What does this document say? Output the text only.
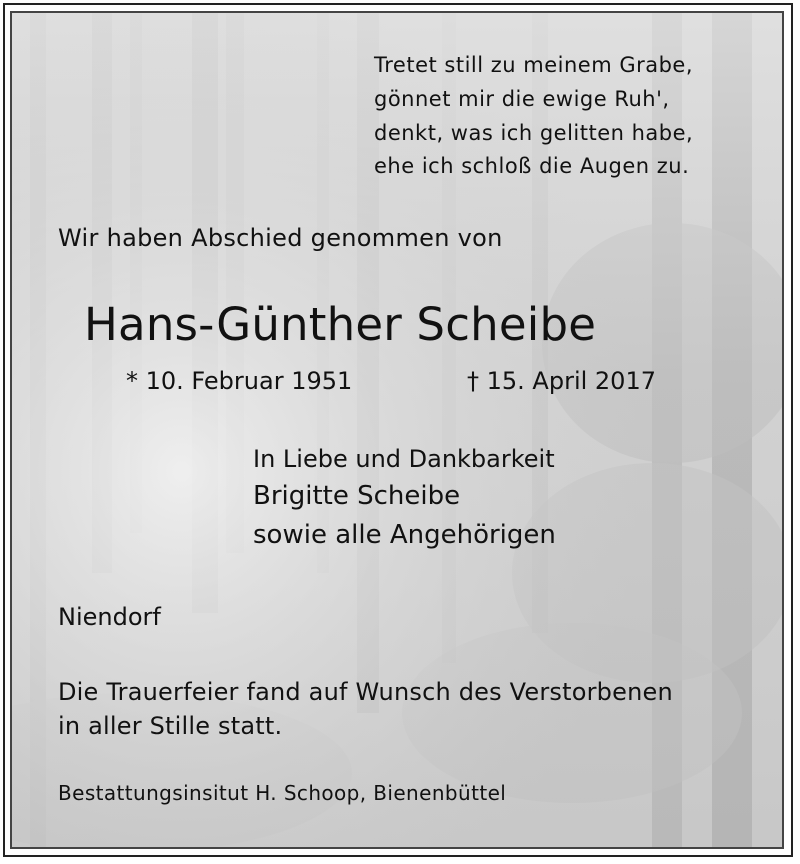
Tretet still zu meinem Grabe,
gönnet mir die ewige Ruh',
denkt, was ich gelitten habe,
ehe ich schloß die Augen zu.
Wir haben Abschied genommen von
Hans-Günther Scheibe
* 10. Februar 1951	† 15. April 2017
In Liebe und Dankbarkeit
Brigitte Scheibe
sowie alle Angehörigen
Niendorf
Die Trauerfeier fand auf Wunsch des Verstorbenen
in aller Stille statt.
Bestattungsinsitut H. Schoop, Bienenbüttel
